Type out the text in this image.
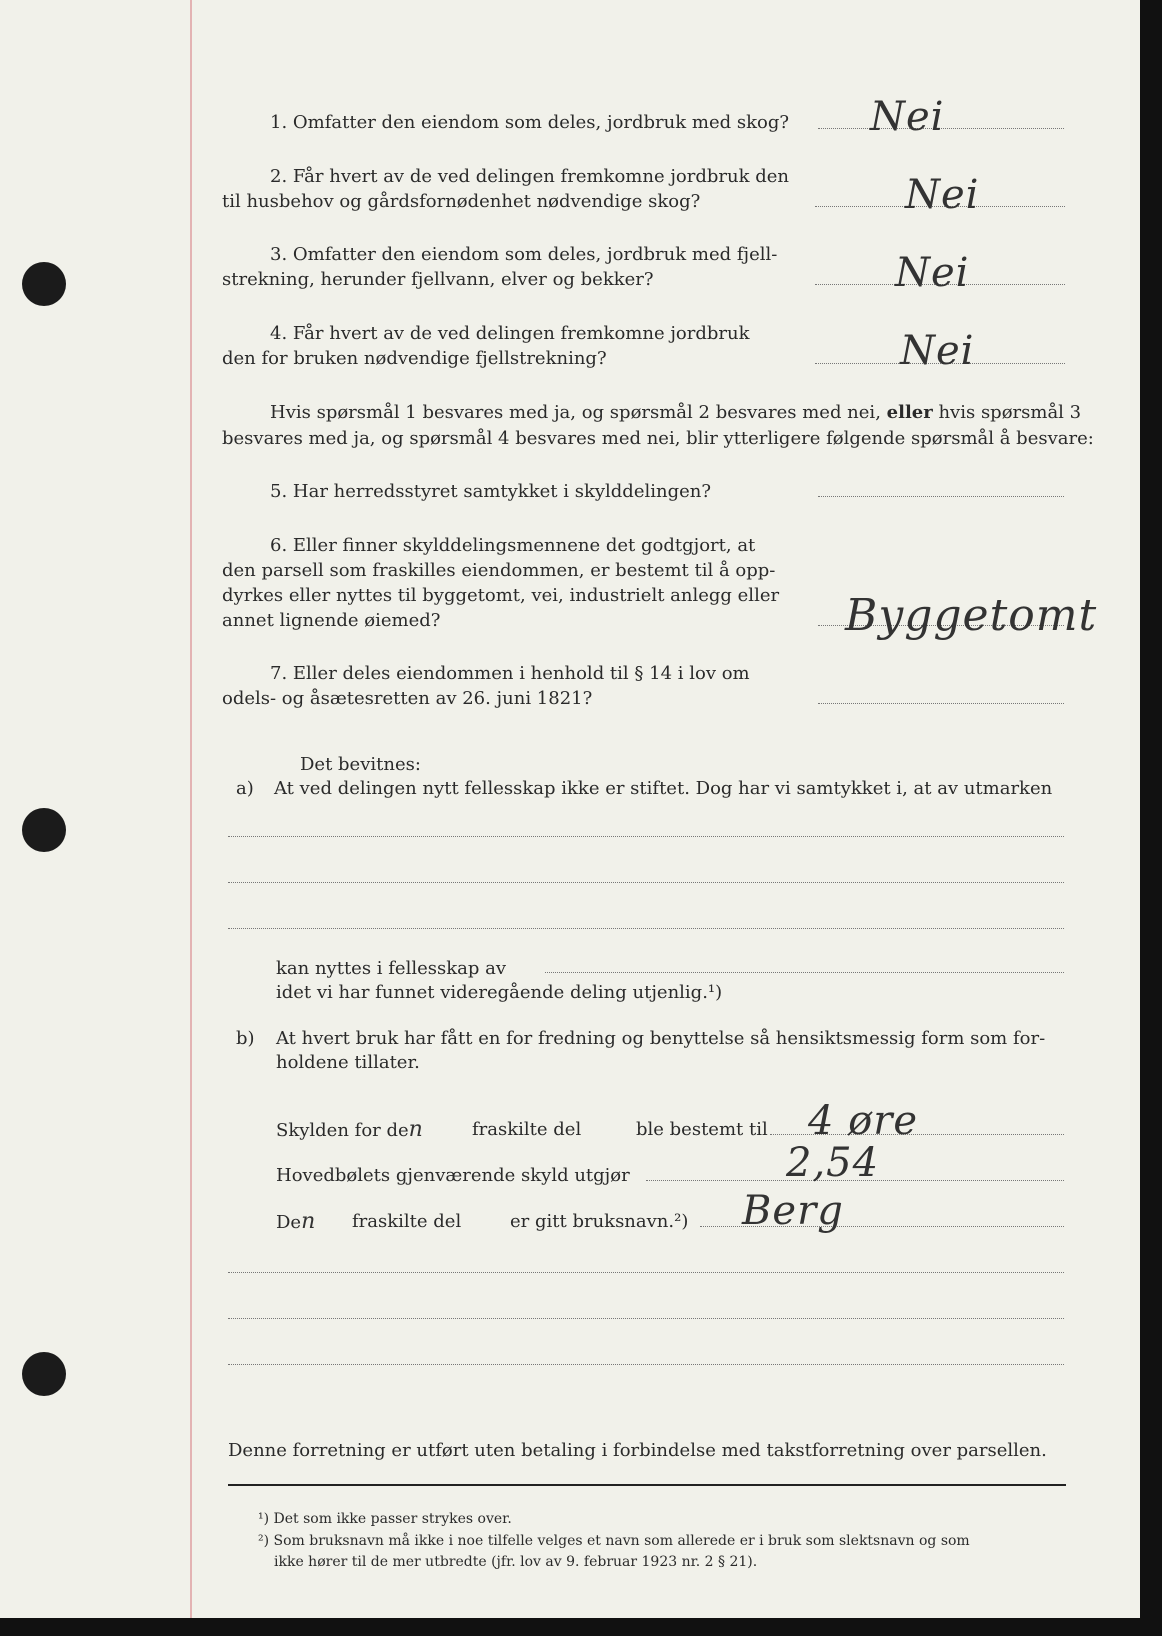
1. Omfatter den eiendom som deles, jordbruk med skog? Nei
2. Får hvert av de ved delingen fremkomne jordbruk den
til husbehov og gårdsfornødenhet nødvendige skog?	Nei
3. Omfatter den eiendom som deles, jordbruk med fjell-
strekning, herunder fjellvann, elver og bekker?	Nei
4. Får hvert av de ved delingen fremkomne jordbruk
den for bruken nødvendige fjellstrekning?	Nei
Hvis spørsmål 1 besvares med ja, og spørsmål 2 besvares med nei, eller hvis spørsmål 3
besvares med ja, og spørsmål 4 besvares med nei, blir ytterligere følgende spørsmål å besvare:
5. Har herredsstyret samtykket i skylddelingen?
6. Eller finner skylddelingsmennene det godtgjort, at
den parsell som fraskilles eiendommen, er bestemt til å opp-
dyrkes eller nyttes til byggetomt, vei, industrielt anlegg eller
annet lignende øiemed?	Byggetomt
7. Eller deles eiendommen i henhold til § 14 i lov om
odels- og åsætesretten av 26. juni 1821?
Det bevitnes:
a) At ved delingen nytt fellesskap ikke er stiftet. Dog har vi samtykket i, at av utmarken
kan nyttes i fellesskap av
idet vi har funnet videregående deling utjenlig.¹)
b) At hvert bruk har fått en for fredning og benyttelse så hensiktsmessig form som for-
holdene tillater.
Skylden for den	fraskilte del	ble bestemt til 4 øre
Hovedbølets gjenværende skyld utgjør	2,54
Den fraskilte del	er gitt bruksnavn.²) Berg
Denne forretning er utført uten betaling i forbindelse med takstforretning over parsellen.
¹) Det som ikke passer strykes over.
²) Som bruksnavn må ikke i noe tilfelle velges et navn som allerede er i bruk som slektsnavn og som
ikke hører til de mer utbredte (jfr. lov av 9. februar 1923 nr. 2 § 21).
